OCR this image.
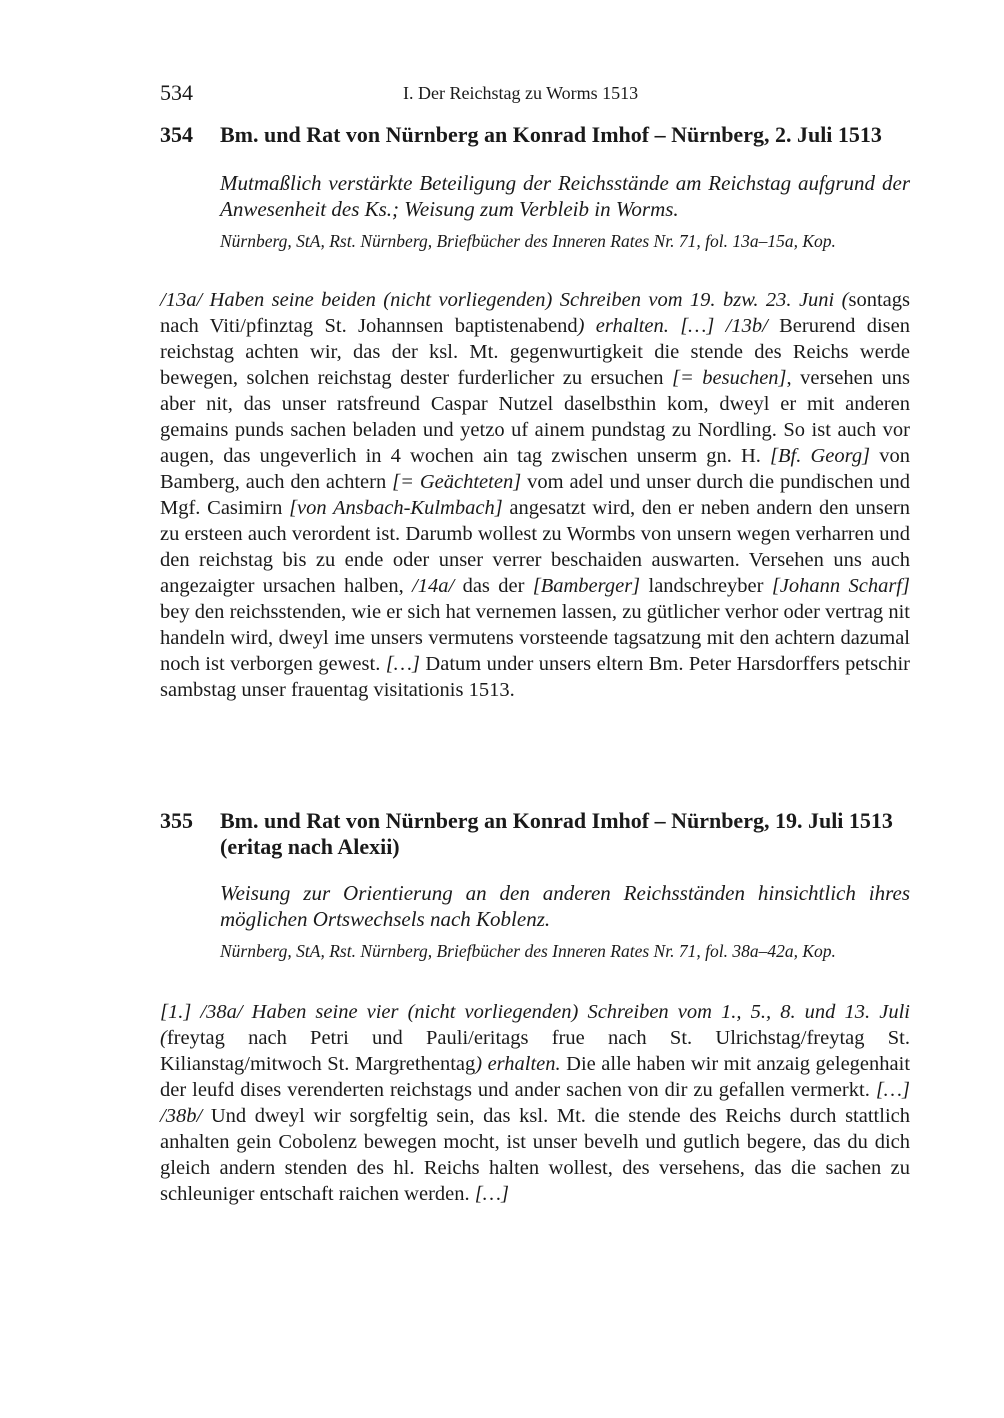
534	I. Der Reichstag zu Worms 1513
354 Bm. und Rat von Nürnberg an Konrad Imhof – Nürnberg, 2. Juli 1513
Mutmaßlich verstärkte Beteiligung der Reichsstände am Reichstag aufgrund der Anwesenheit des Ks.; Weisung zum Verbleib in Worms.
Nürnberg, StA, Rst. Nürnberg, Briefbücher des Inneren Rates Nr. 71, fol. 13a–15a, Kop.
/13a/ Haben seine beiden (nicht vorliegenden) Schreiben vom 19. bzw. 23. Juni (sontags nach Viti/pfinztag St. Johannsen baptistenabend) erhalten. […] /13b/ Berurend disen reichstag achten wir, das der ksl. Mt. gegenwurtigkeit die stende des Reichs werde bewegen, solchen reichstag dester furderlicher zu ersuchen [= besuchen], versehen uns aber nit, das unser ratsfreund Caspar Nutzel daselbsthin kom, dweyl er mit anderen gemains punds sachen beladen und yetzo uf ainem pundstag zu Nordling. So ist auch vor augen, das ungeverlich in 4 wochen ain tag zwischen unserm gn. H. [Bf. Georg] von Bamberg, auch den achtern [= Geächteten] vom adel und unser durch die pundischen und Mgf. Casimirn [von Ansbach-Kulmbach] angesatzt wird, den er neben andern den unsern zu ersteen auch verordent ist. Darumb wollest zu Wormbs von unsern wegen verharren und den reichstag bis zu ende oder unser verrer beschaiden auswarten. Versehen uns auch angezaigter ursachen halben, /14a/ das der [Bamberger] landschreyber [Johann Scharf] bey den reichsstenden, wie er sich hat vernemen lassen, zu gütlicher verhor oder vertrag nit handeln wird, dweyl ime unsers vermutens vorsteende tagsatzung mit den achtern dazumal noch ist verborgen gewest. […] Datum under unsers eltern Bm. Peter Harsdorffers petschir sambstag unser frauentag visitationis 1513.
355 Bm. und Rat von Nürnberg an Konrad Imhof – Nürnberg, 19. Juli 1513 (eritag nach Alexii)
Weisung zur Orientierung an den anderen Reichsständen hinsichtlich ihres möglichen Ortswechsels nach Koblenz.
Nürnberg, StA, Rst. Nürnberg, Briefbücher des Inneren Rates Nr. 71, fol. 38a–42a, Kop.
[1.] /38a/ Haben seine vier (nicht vorliegenden) Schreiben vom 1., 5., 8. und 13. Juli (freytag nach Petri und Pauli/eritags frue nach St. Ulrichstag/freytag St. Kilianstag/mitwoch St. Margrethentag) erhalten. Die alle haben wir mit anzaig gelegenhait der leufd dises verenderten reichstags und ander sachen von dir zu gefallen vermerkt. […] /38b/ Und dweyl wir sorgfeltig sein, das ksl. Mt. die stende des Reichs durch stattlich anhalten gein Cobolenz bewegen mocht, ist unser bevelh und gutlich begere, das du dich gleich andern stenden des hl. Reichs halten wollest, des versehens, das die sachen zu schleuniger entschaft raichen werden. […]
